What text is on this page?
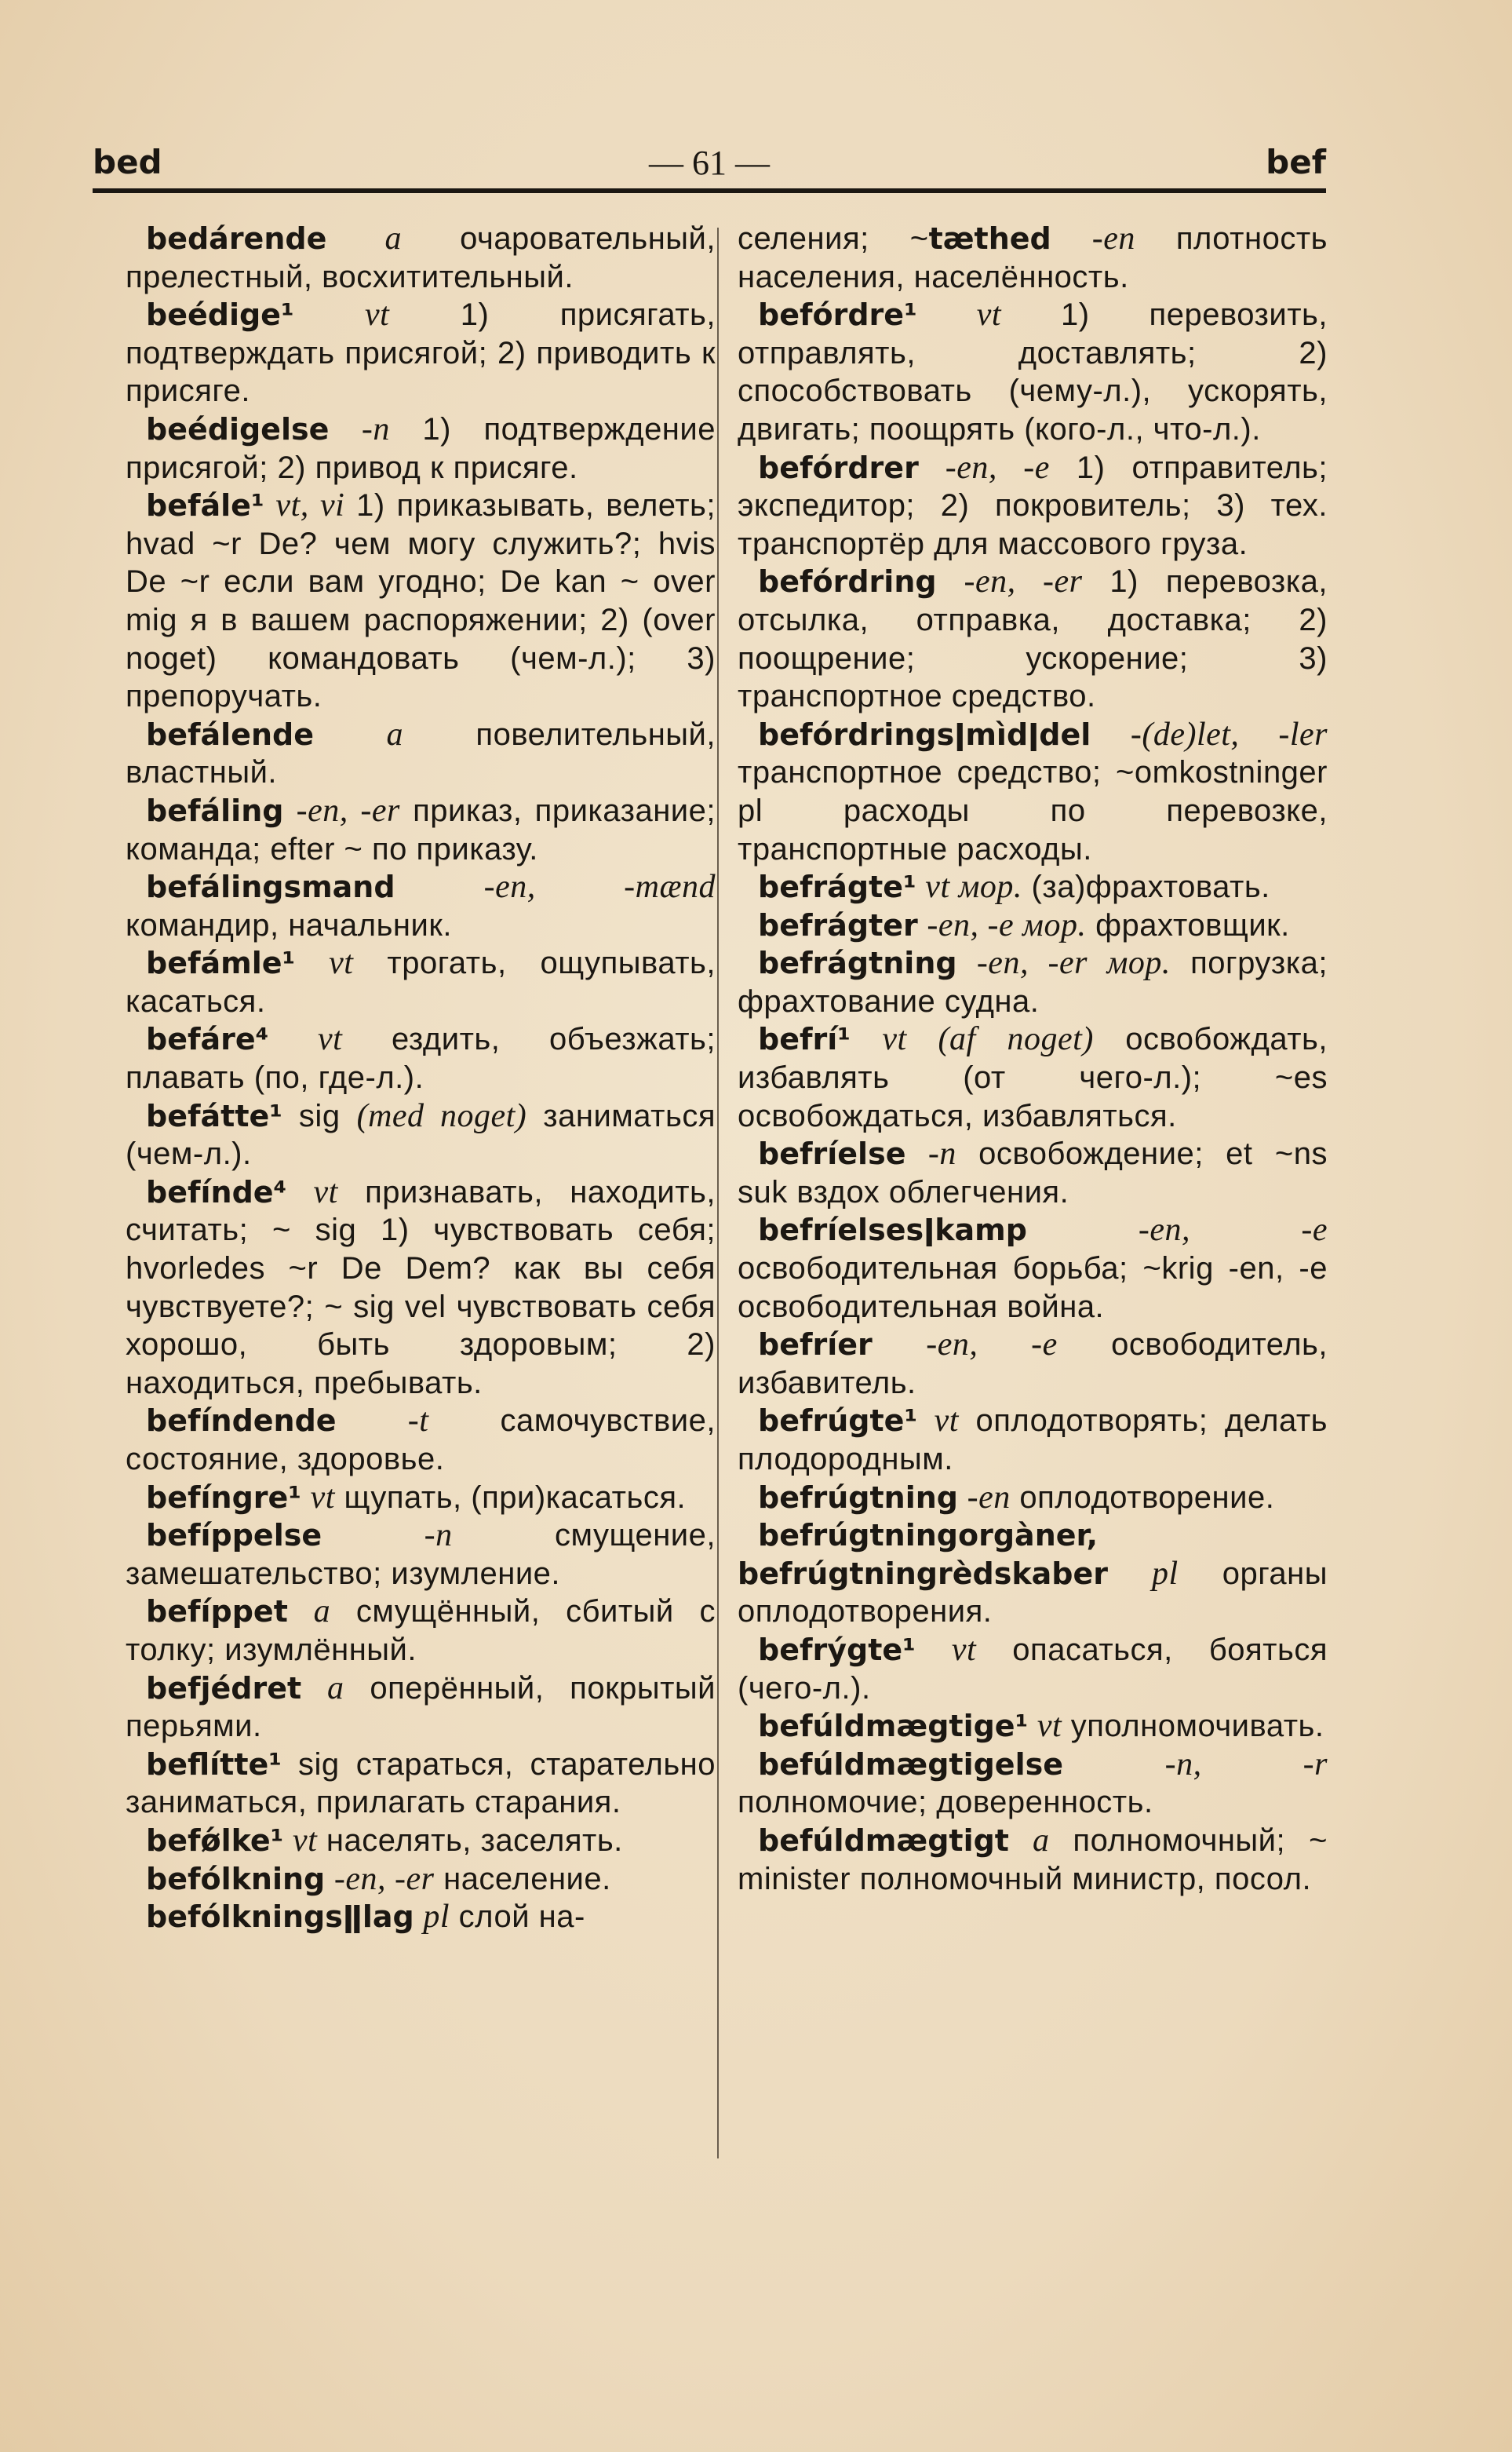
bed	— 61 —	bef

bedárende a очаровательный, прелестный, восхитительный.

beédige¹ vt 1) присягать, подтверждать присягой; 2) приводить к присяге.

beédigelse -n 1) подтверждение присягой; 2) привод к присяге.

befále¹ vt, vi 1) приказывать, велеть; hvad ~r De? чем могу служить?; hvis De ~r если вам угодно; De kan ~ over mig я в вашем распоряжении; 2) (over noget) командовать (чем-л.); 3) препоручать.

befálende a повелительный, властный.

befáling -en, -er приказ, приказание; команда; efter ~ по приказу.

befálingsmand	-en, -mænd командир, начальник.

befámle¹ vt трогать, ощупывать, касаться.

befáre⁴ vt ездить, объезжать; плавать (по, где-л.).

befátte¹ sig (med noget) заниматься (чем-л.).

befínde⁴ vt признавать, находить, считать; ~ sig 1) чувствовать себя; hvorledes ~r De Dem? как вы себя чувствуете?; ~ sig vel чувствовать себя хорошо, быть здоровым; 2) находиться, пребывать.

befíndende -t самочувствие, состояние, здоровье.

befíngre¹ vt щупать, (при)касаться.

befíppelse	-n смущение, замешательство; изумление.

befíppet a смущённый, сбитый с толку; изумлённый.

befjédret a оперённый, покрытый перьями.

beflítte¹ sig стараться, старательно заниматься, прилагать старания.

befǿlke¹ vt населять, заселять.

befólkning -en, -er население.

befólkningsǁlag pl слой на-

селения; ~tæthed -en плотность населения, населённость.

befórdre¹ vt 1) перевозить, отправлять, доставлять; 2) способствовать (чему-л.), ускорять, двигать; поощрять (кого-л., что-л.).

befórdrer -en, -e 1) отправитель; экспедитор; 2) покровитель; 3) тех. транспортёр для массового груза.

befórdring -en, -er 1) перевозка, отсылка, отправка, доставка; 2) поощрение; ускорение; 3) транспортное средство.

befórdringsǀmìdǀdel -(de)let, -ler транспортное средство; ~omkostninger pl расходы по перевозке, транспортные расходы.

befrágte¹ vt мор. (за)фрахтовать.

befrágter -en, -e мор. фрахтовщик.

befrágtning -en, -er мор. погрузка; фрахтование судна.

befrí¹ vt (af noget) освобождать, избавлять (от чего-л.); ~es освобождаться, избавляться.

befríelse -n освобождение; et ~ns suk вздох облегчения.

befríelsesǀkamp	-en, -e освободительная борьба; ~krig -en, -e освободительная война.

befríer -en, -e освободитель, избавитель.

befrúgte¹ vt оплодотворять; делать плодородным.

befrúgtning -en оплодотворение.

befrúgtningorgàner, befrúgtningrèdskaber pl органы оплодотворения.

befrýgte¹ vt опасаться, бояться (чего-л.).

befúldmægtige¹ vt уполномочивать.

befúldmægtigelse	-n, -r полномочие; доверенность.

befúldmægtigt a полномочный; ~ minister полномочный министр, посол.
